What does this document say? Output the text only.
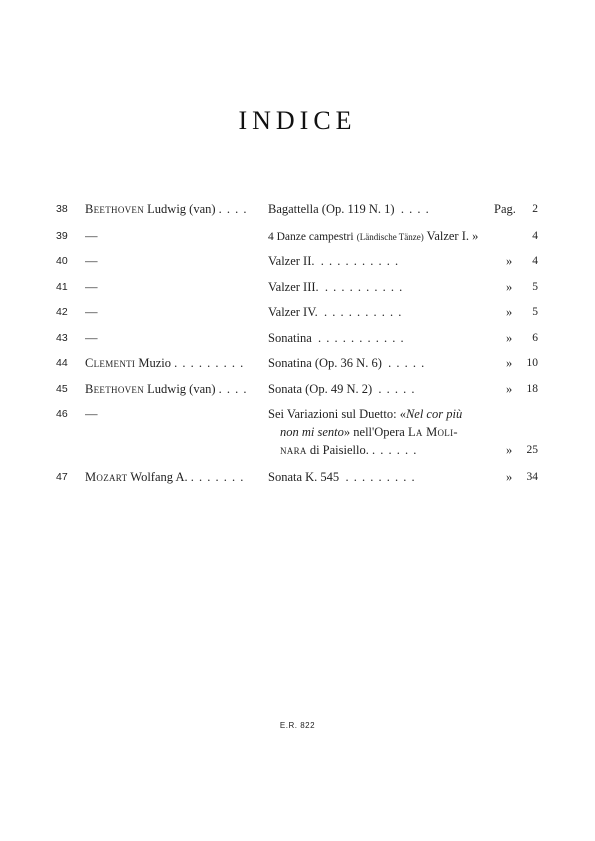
INDICE
38	Beethoven Ludwig (van) . . . .	Bagattella (Op. 119 N. 1) . . . .	Pag.	2
39	—	4 Danze campestri (Ländische Tänze) Valzer I. »	4
40	—	Valzer II. . . . . . . . . . .	»	4
41	—	Valzer III. . . . . . . . . . .	»	5
42	—	Valzer IV. . . . . . . . . . .	»	5
43	—	Sonatina . . . . . . . . . . .	»	6
44	Clementi Muzio . . . . . . . . .	Sonatina (Op. 36 N. 6) . . . . .	»	10
45	Beethoven Ludwig (van) . . . .	Sonata (Op. 49 N. 2) . . . . .	»	18
46	—	Sei Variazioni sul Duetto: «Nel cor più
non mi sento» nell'Opera La Moli-
nara di Paisiello. . . . . . .	»	25
47	Mozart Wolfang A. . . . . . . .	Sonata K. 545 . . . . . . . . .	»	34
E.R. 822
